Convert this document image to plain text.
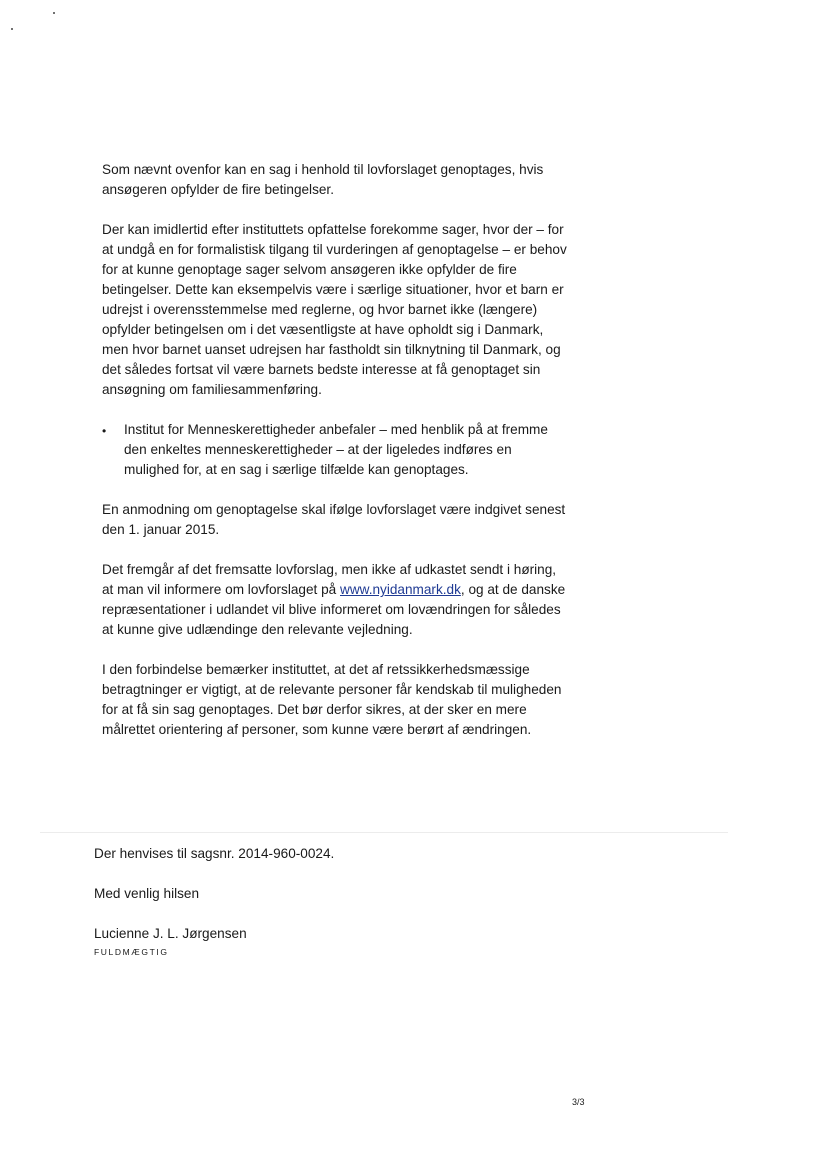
Som nævnt ovenfor kan en sag i henhold til lovforslaget genoptages, hvis ansøgeren opfylder de fire betingelser.

Der kan imidlertid efter instituttets opfattelse forekomme sager, hvor der – for at undgå en for formalistisk tilgang til vurderingen af genoptagelse – er behov for at kunne genoptage sager selvom ansøgeren ikke opfylder de fire betingelser. Dette kan eksempelvis være i særlige situationer, hvor et barn er udrejst i overensstemmelse med reglerne, og hvor barnet ikke (længere) opfylder betingelsen om i det væsentligste at have opholdt sig i Danmark, men hvor barnet uanset udrejsen har fastholdt sin tilknytning til Danmark, og det således fortsat vil være barnets bedste interesse at få genoptaget sin ansøgning om familiesammenføring.

•	Institut for Menneskerettigheder anbefaler – med henblik på at fremme den enkeltes menneskerettigheder – at der ligeledes indføres en mulighed for, at en sag i særlige tilfælde kan genoptages.

En anmodning om genoptagelse skal ifølge lovforslaget være indgivet senest den 1. januar 2015.

Det fremgår af det fremsatte lovforslag, men ikke af udkastet sendt i høring, at man vil informere om lovforslaget på www.nyidanmark.dk, og at de danske repræsentationer i udlandet vil blive informeret om lovændringen for således at kunne give udlændinge den relevante vejledning.

I den forbindelse bemærker instituttet, at det af retssikkerhedsmæssige betragtninger er vigtigt, at de relevante personer får kendskab til muligheden for at få sin sag genoptages. Det bør derfor sikres, at der sker en mere målrettet orientering af personer, som kunne være berørt af ændringen.

Der henvises til sagsnr. 2014-960-0024.

Med venlig hilsen

Lucienne J. L. Jørgensen

FULDMÆGTIG

3/3
